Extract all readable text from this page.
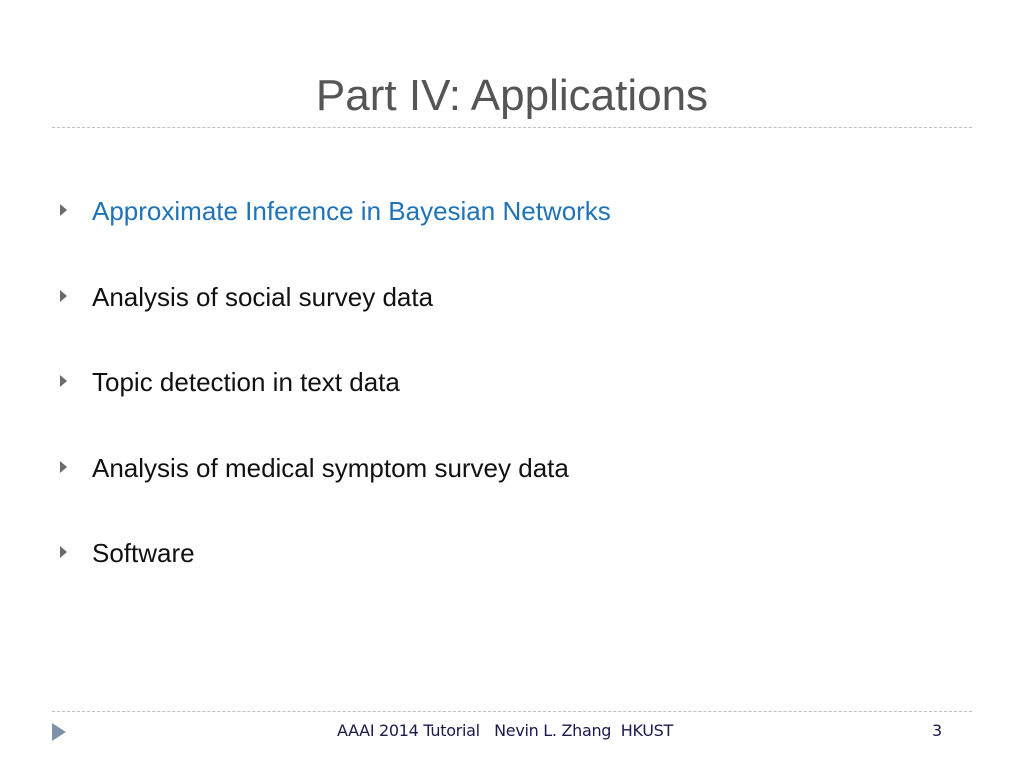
Part IV: Applications
Approximate Inference in Bayesian Networks
Analysis of social survey data
Topic detection in text data
Analysis of medical symptom survey data
Software
AAAI 2014 Tutorial   Nevin L. Zhang  HKUST	3
